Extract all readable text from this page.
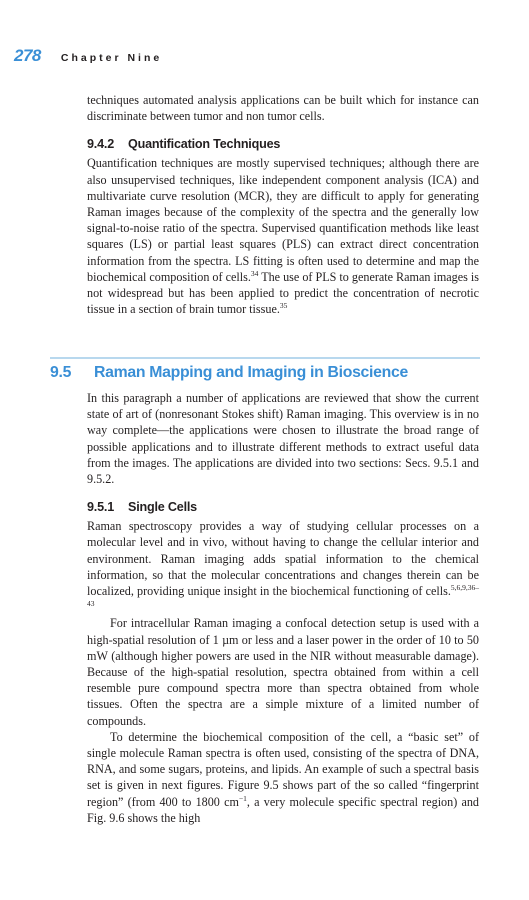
278 Chapter Nine

techniques automated analysis applications can be built which for instance can discriminate between tumor and non tumor cells.

9.4.2 Quantification Techniques

Quantification techniques are mostly supervised techniques; although there are also unsupervised techniques, like independent component analysis (ICA) and multivariate curve resolution (MCR), they are difficult to apply for generating Raman images because of the complexity of the spectra and the generally low signal-to-noise ratio of the spectra. Supervised quantification methods like least squares (LS) or partial least squares (PLS) can extract direct concentration information from the spectra. LS fitting is often used to determine and map the biochemical composition of cells.$^{34}$ The use of PLS to generate Raman images is not widespread but has been applied to predict the concentration of necrotic tissue in a section of brain tumor tissue.$^{35}$

9.5 Raman Mapping and Imaging in Bioscience

In this paragraph a number of applications are reviewed that show the current state of art of (nonresonant Stokes shift) Raman imaging. This overview is in no way complete—the applications were chosen to illustrate the broad range of possible applications and to illustrate different methods to extract useful data from the images. The applications are divided into two sections: Secs. 9.5.1 and 9.5.2.

9.5.1 Single Cells

Raman spectroscopy provides a way of studying cellular processes on a molecular level and in vivo, without having to change the cellular interior and environment. Raman imaging adds spatial information to the chemical information, so that the molecular concentrations and changes therein can be localized, providing unique insight in the biochemical functioning of cells.$^{5,6,9,36-43}$

For intracellular Raman imaging a confocal detection setup is used with a high-spatial resolution of 1 µm or less and a laser power in the order of 10 to 50 mW (although higher powers are used in the NIR without measurable damage). Because of the high-spatial resolution, spectra obtained from within a cell resemble pure compound spectra more than spectra obtained from whole tissues. Often the spectra are a simple mixture of a limited number of compounds.

To determine the biochemical composition of the cell, a “basic set” of single molecule Raman spectra is often used, consisting of the spectra of DNA, RNA, and some sugars, proteins, and lipids. An example of such a spectral basis set is given in next figures. Figure 9.5 shows part of the so called “fingerprint region” (from 400 to 1800 $cm^{-1}$, a very molecule specific spectral region) and Fig. 9.6 shows the high
